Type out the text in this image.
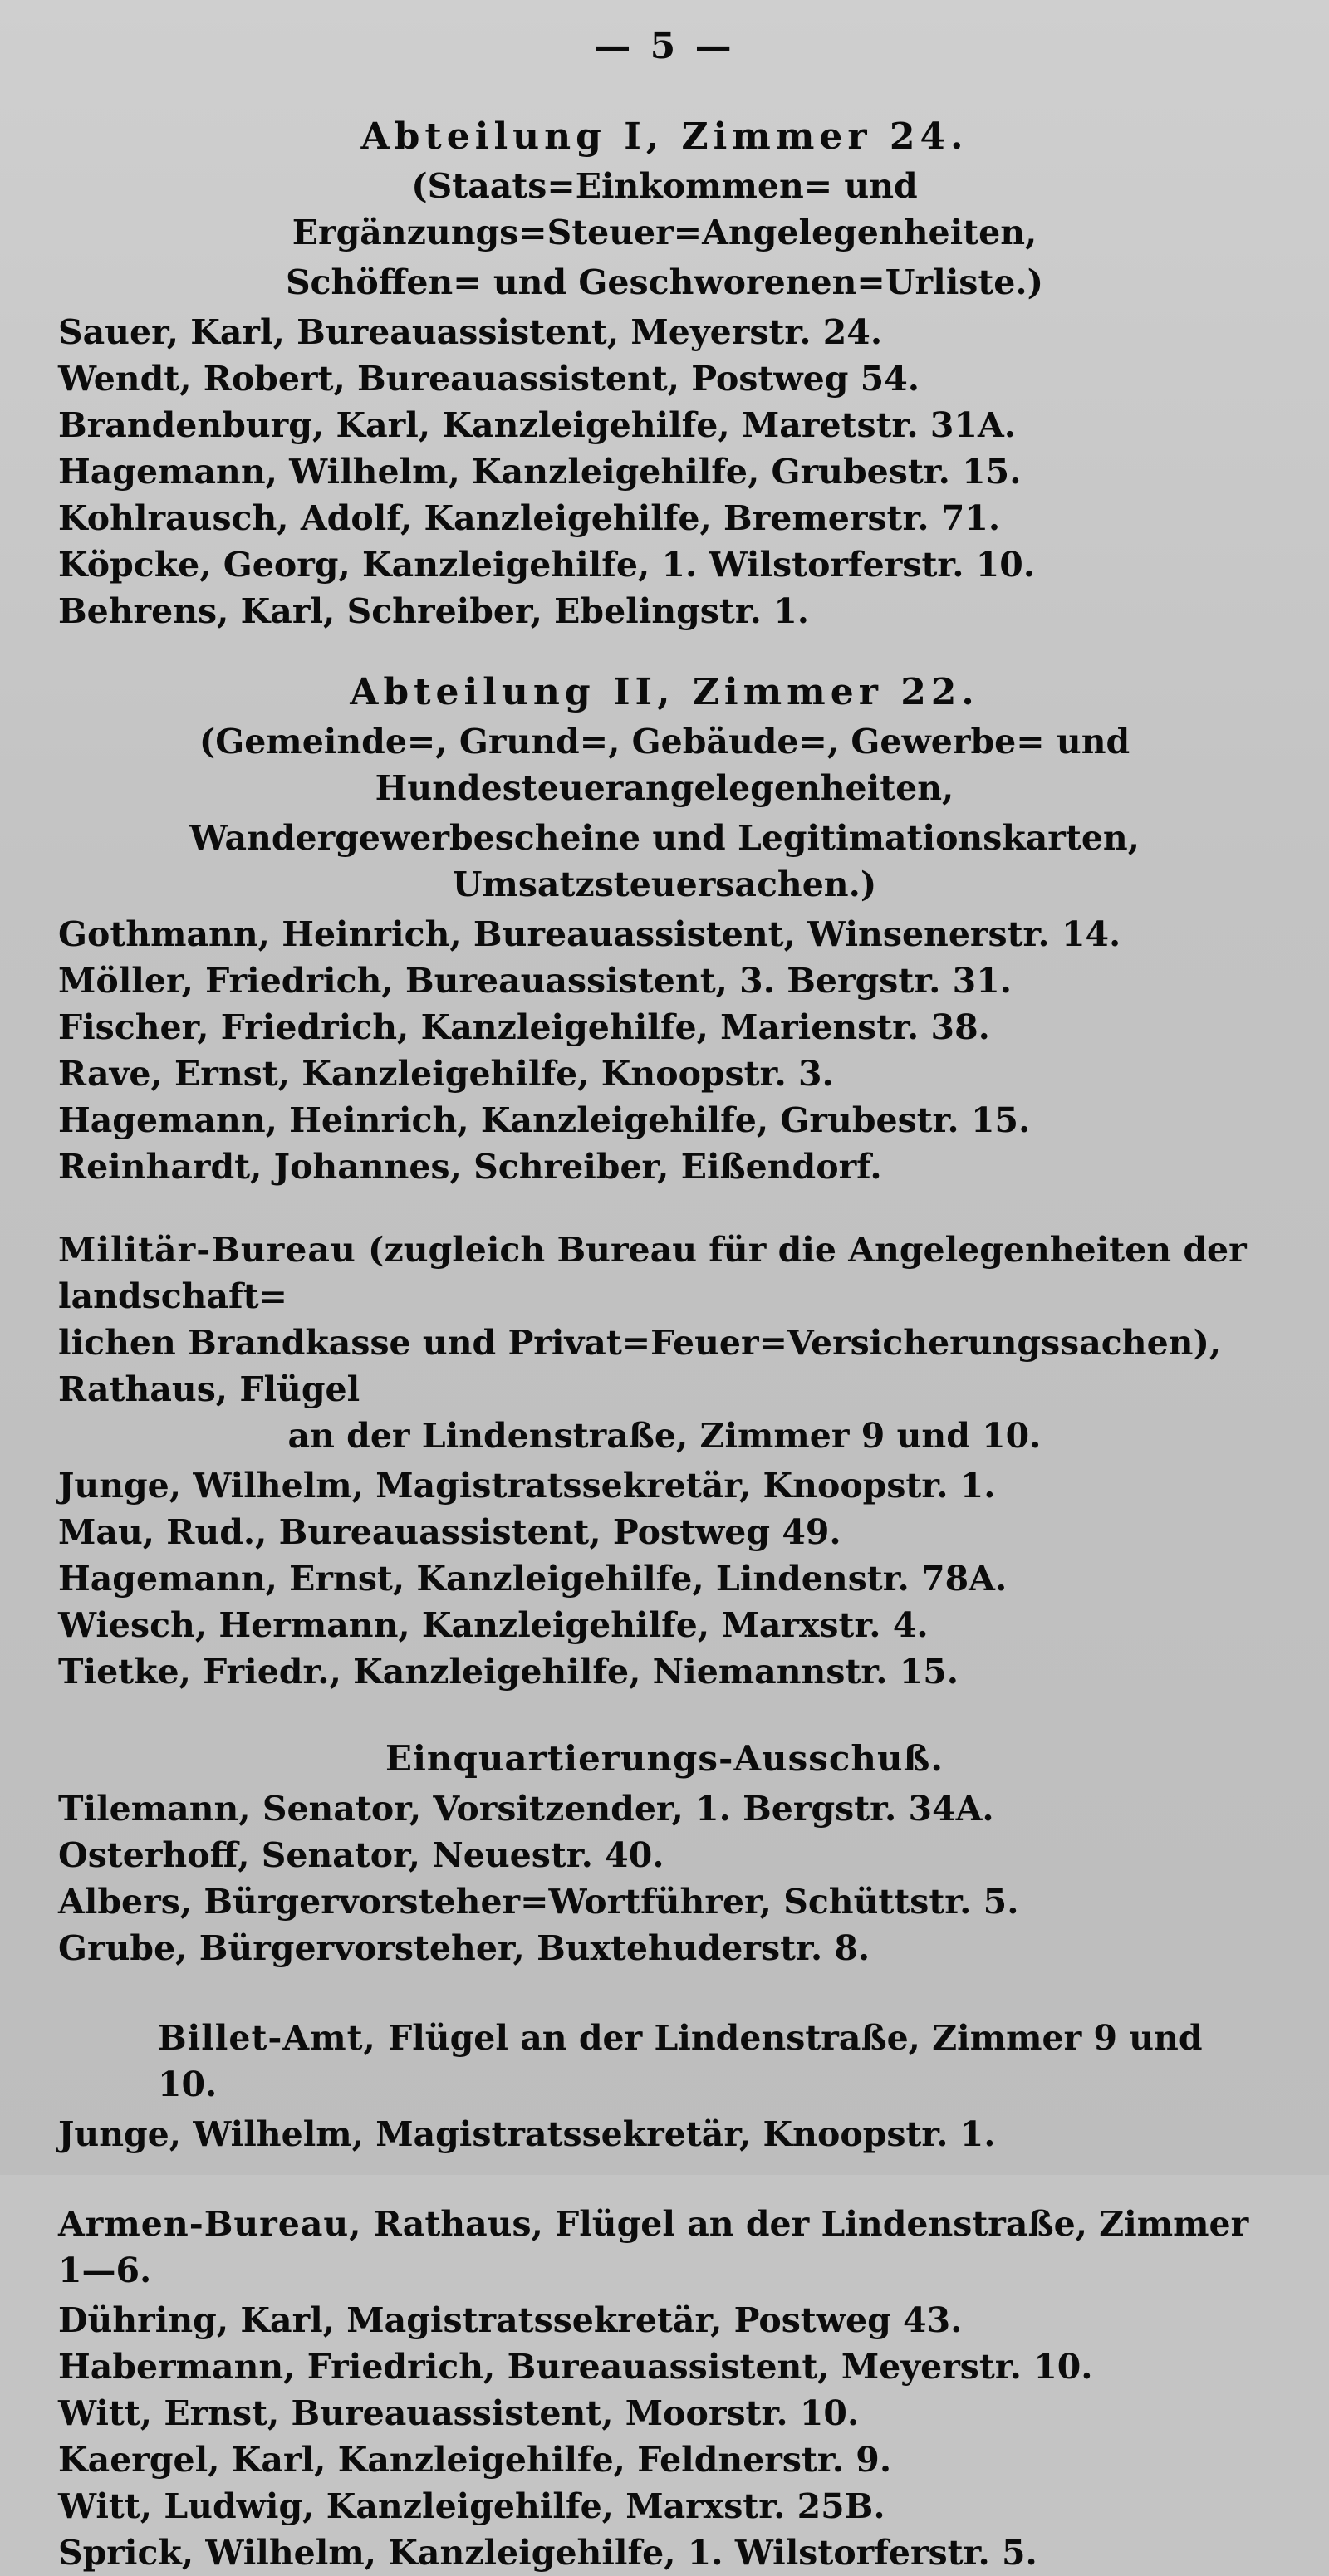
— 5 —
Abteilung I, Zimmer 24.
(Staats=Einkommen= und Ergänzungs=Steuer=Angelegenheiten,
Schöffen= und Geschworenen=Urliste.)
Sauer, Karl, Bureauassistent, Meyerstr. 24.
Wendt, Robert, Bureauassistent, Postweg 54.
Brandenburg, Karl, Kanzleigehilfe, Maretstr. 31A.
Hagemann, Wilhelm, Kanzleigehilfe, Grubestr. 15.
Kohlrausch, Adolf, Kanzleigehilfe, Bremerstr. 71.
Köpcke, Georg, Kanzleigehilfe, 1. Wilstorferstr. 10.
Behrens, Karl, Schreiber, Ebelingstr. 1.
Abteilung II, Zimmer 22.
(Gemeinde=, Grund=, Gebäude=, Gewerbe= und Hundesteuerangelegenheiten,
Wandergewerbescheine und Legitimationskarten, Umsatzsteuersachen.)
Gothmann, Heinrich, Bureauassistent, Winsenerstr. 14.
Möller, Friedrich, Bureauassistent, 3. Bergstr. 31.
Fischer, Friedrich, Kanzleigehilfe, Marienstr. 38.
Rave, Ernst, Kanzleigehilfe, Knoopstr. 3.
Hagemann, Heinrich, Kanzleigehilfe, Grubestr. 15.
Reinhardt, Johannes, Schreiber, Eißendorf.
Militär-Bureau (zugleich Bureau für die Angelegenheiten der landschaft=
lichen Brandkasse und Privat=Feuer=Versicherungssachen), Rathaus, Flügel
an der Lindenstraße, Zimmer 9 und 10.
Junge, Wilhelm, Magistratssekretär, Knoopstr. 1.
Mau, Rud., Bureauassistent, Postweg 49.
Hagemann, Ernst, Kanzleigehilfe, Lindenstr. 78A.
Wiesch, Hermann, Kanzleigehilfe, Marxstr. 4.
Tietke, Friedr., Kanzleigehilfe, Niemannstr. 15.
Einquartierungs-Ausschuß.
Tilemann, Senator, Vorsitzender, 1. Bergstr. 34A.
Osterhoff, Senator, Neuestr. 40.
Albers, Bürgervorsteher=Wortführer, Schüttstr. 5.
Grube, Bürgervorsteher, Buxtehuderstr. 8.
Billet-Amt, Flügel an der Lindenstraße, Zimmer 9 und 10.
Junge, Wilhelm, Magistratssekretär, Knoopstr. 1.
Armen-Bureau, Rathaus, Flügel an der Lindenstraße, Zimmer 1—6.
Dühring, Karl, Magistratssekretär, Postweg 43.
Habermann, Friedrich, Bureauassistent, Meyerstr. 10.
Witt, Ernst, Bureauassistent, Moorstr. 10.
Kaergel, Karl, Kanzleigehilfe, Feldnerstr. 9.
Witt, Ludwig, Kanzleigehilfe, Marxstr. 25B.
Sprick, Wilhelm, Kanzleigehilfe, 1. Wilstorferstr. 5.
